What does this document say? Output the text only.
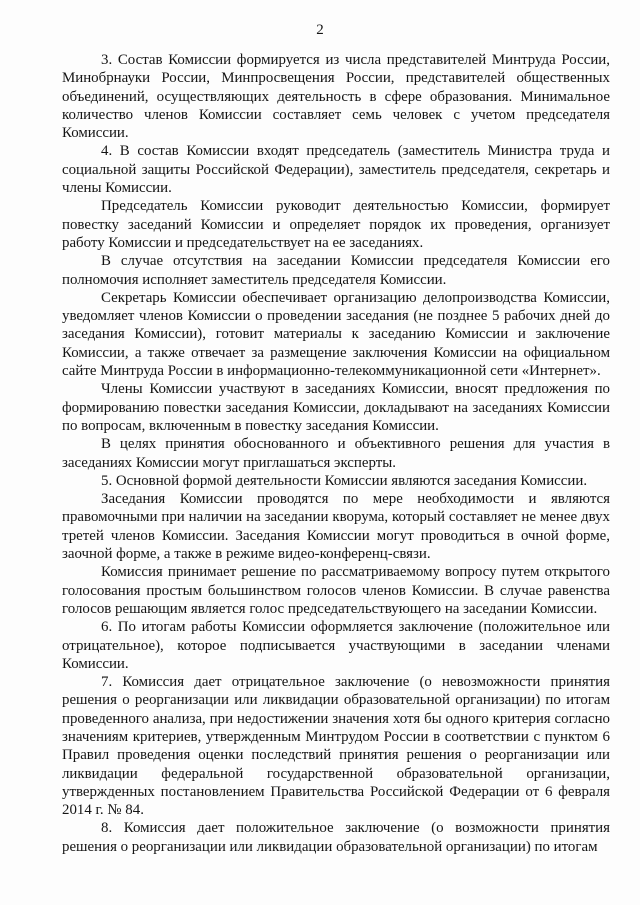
2

3. Состав Комиссии формируется из числа представителей Минтруда России, Минобрнауки России, Минпросвещения России, представителей общественных объединений, осуществляющих деятельность в сфере образования. Минимальное количество членов Комиссии составляет семь человек с учетом председателя Комиссии.

4. В состав Комиссии входят председатель (заместитель Министра труда и социальной защиты Российской Федерации), заместитель председателя, секретарь и члены Комиссии.

Председатель Комиссии руководит деятельностью Комиссии, формирует повестку заседаний Комиссии и определяет порядок их проведения, организует работу Комиссии и председательствует на ее заседаниях.

В случае отсутствия на заседании Комиссии председателя Комиссии его полномочия исполняет заместитель председателя Комиссии.

Секретарь Комиссии обеспечивает организацию делопроизводства Комиссии, уведомляет членов Комиссии о проведении заседания (не позднее 5 рабочих дней до заседания Комиссии), готовит материалы к заседанию Комиссии и заключение Комиссии, а также отвечает за размещение заключения Комиссии на официальном сайте Минтруда России в информационно-телекоммуникационной сети «Интернет».

Члены Комиссии участвуют в заседаниях Комиссии, вносят предложения по формированию повестки заседания Комиссии, докладывают на заседаниях Комиссии по вопросам, включенным в повестку заседания Комиссии.

В целях принятия обоснованного и объективного решения для участия в заседаниях Комиссии могут приглашаться эксперты.

5. Основной формой деятельности Комиссии являются заседания Комиссии.

Заседания Комиссии проводятся по мере необходимости и являются правомочными при наличии на заседании кворума, который составляет не менее двух третей членов Комиссии. Заседания Комиссии могут проводиться в очной форме, заочной форме, а также в режиме видео-конференц-связи.

Комиссия принимает решение по рассматриваемому вопросу путем открытого голосования простым большинством голосов членов Комиссии. В случае равенства голосов решающим является голос председательствующего на заседании Комиссии.

6. По итогам работы Комиссии оформляется заключение (положительное или отрицательное), которое подписывается участвующими в заседании членами Комиссии.

7. Комиссия дает отрицательное заключение (о невозможности принятия решения о реорганизации или ликвидации образовательной организации) по итогам проведенного анализа, при недостижении значения хотя бы одного критерия согласно значениям критериев, утвержденным Минтрудом России в соответствии с пунктом 6 Правил проведения оценки последствий принятия решения о реорганизации или ликвидации федеральной государственной образовательной организации, утвержденных постановлением Правительства Российской Федерации от 6 февраля 2014 г. № 84.

8. Комиссия дает положительное заключение (о возможности принятия решения о реорганизации или ликвидации образовательной организации) по итогам
